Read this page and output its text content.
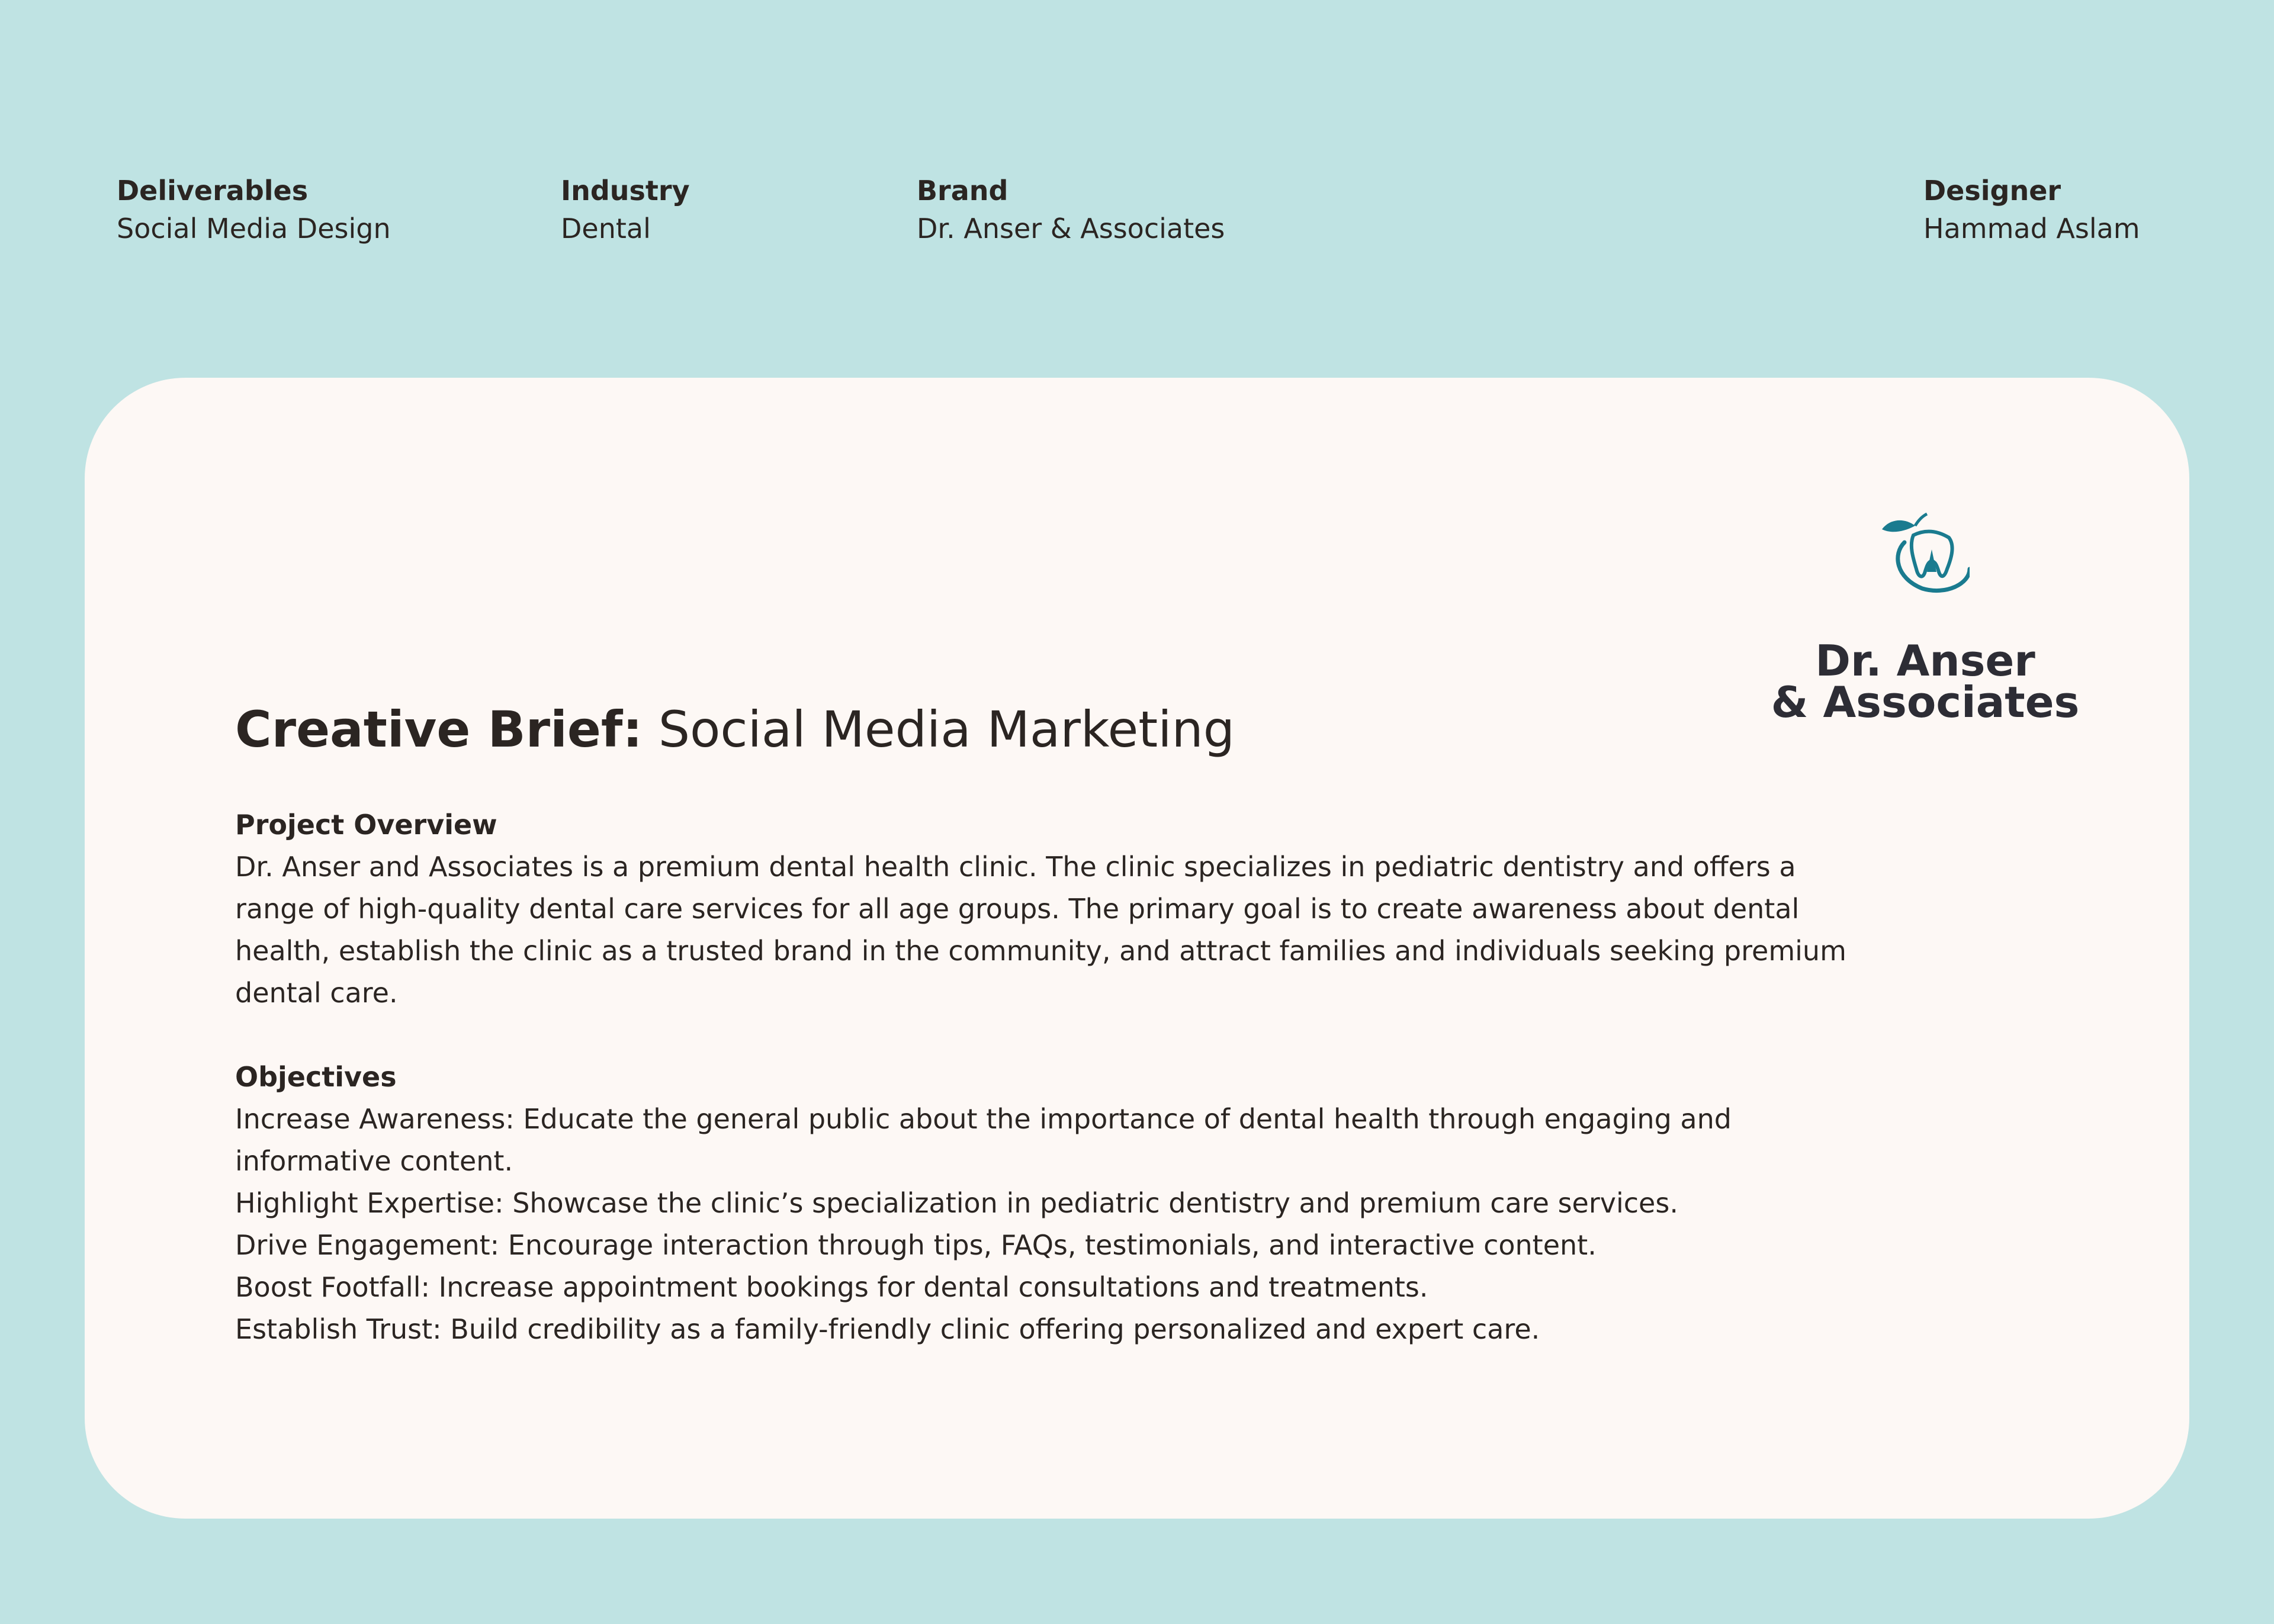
Deliverables
Social Media Design
Industry
Dental
Brand
Dr. Anser & Associates
Designer
Hammad Aslam
Dr. Anser
& Associates
Creative Brief: Social Media Marketing
Project Overview
Dr. Anser and Associates is a premium dental health clinic. The clinic specializes in pediatric dentistry and offers a
range of high-quality dental care services for all age groups. The primary goal is to create awareness about dental
health, establish the clinic as a trusted brand in the community, and attract families and individuals seeking premium
dental care.
Objectives
Increase Awareness: Educate the general public about the importance of dental health through engaging and
informative content.
Highlight Expertise: Showcase the clinic’s specialization in pediatric dentistry and premium care services.
Drive Engagement: Encourage interaction through tips, FAQs, testimonials, and interactive content.
Boost Footfall: Increase appointment bookings for dental consultations and treatments.
Establish Trust: Build credibility as a family-friendly clinic offering personalized and expert care.
